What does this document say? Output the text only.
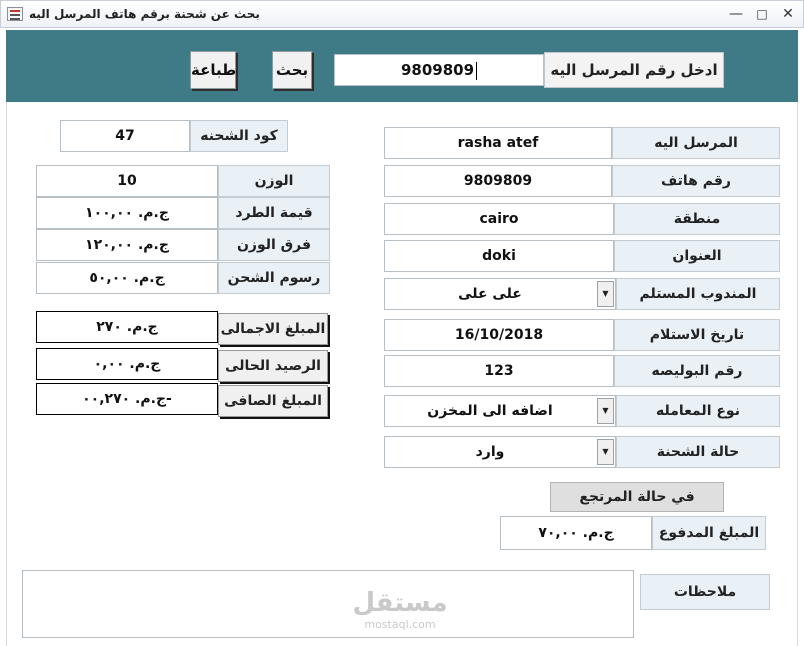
بحث عن شحنة برقم هاتف المرسل اليه	—	□	✕
ادخل رقم المرسل اليه
9809809
بحث
طباعة
كود الشحنه
47
الوزن
10
قيمة الطرد
ج.م. ١٠٠,٠٠
فرق الوزن
ج.م. ١٢٠,٠٠
رسوم الشحن
ج.م. ٥٠,٠٠
المبلغ الاجمالى
ج.م. ٢٧٠
الرصيد الحالى
ج.م. ٠,٠٠
المبلغ الصافى
ج.م. ٠٠,٢٧٠-
المرسل اليه
rasha atef
رقم هاتف
9809809
منطقة
cairo
العنوان
doki
المندوب المستلم
على على	▼
تاريخ الاستلام
16/10/2018
رقم البوليصه
123
نوع المعامله
اضافه الى المخزن	▼
حالة الشحنة
وارد	▼
في حالة المرتجع
المبلغ المدفوع
ج.م. ٧٠,٠٠
ملاحظات
مستقل
mostaql.com
